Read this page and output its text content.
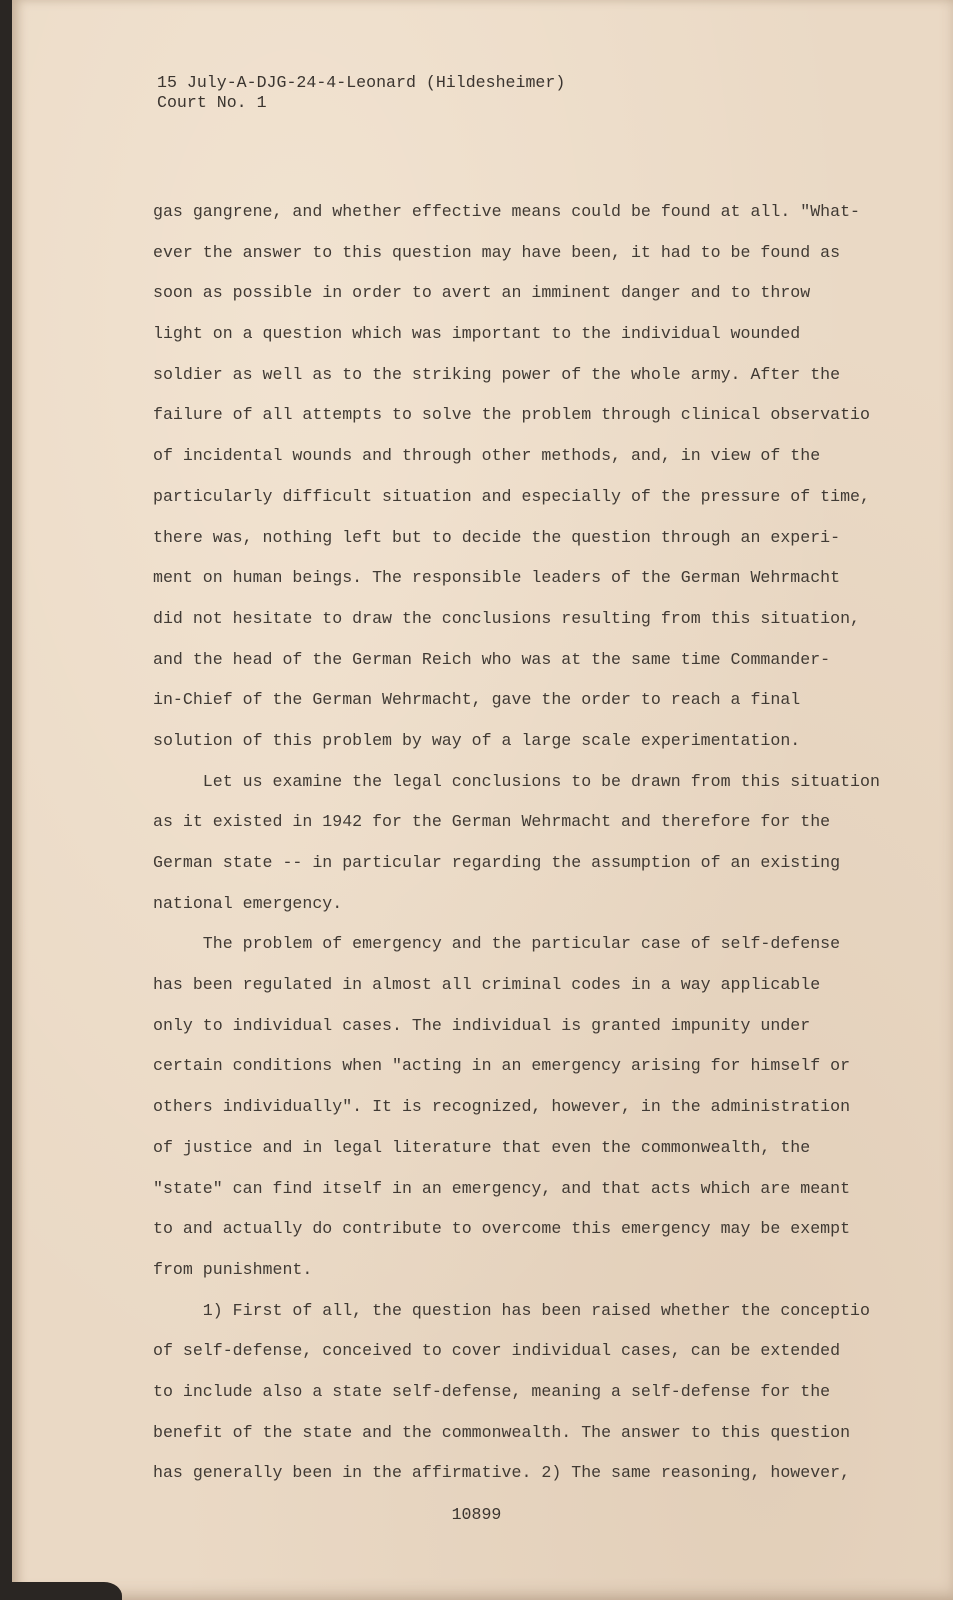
15 July-A-DJG-24-4-Leonard (Hildesheimer)
Court No. 1
gas gangrene, and whether effective means could be found at all. "What-
ever the answer to this question may have been, it had to be found as
soon as possible in order to avert an imminent danger and to throw
light on a question which was important to the individual wounded
soldier as well as to the striking power of the whole army. After the
failure of all attempts to solve the problem through clinical observatio
of incidental wounds and through other methods, and, in view of the
particularly difficult situation and especially of the pressure of time,
there was, nothing left but to decide the question through an experi-
ment on human beings. The responsible leaders of the German Wehrmacht
did not hesitate to draw the conclusions resulting from this situation,
and the head of the German Reich who was at the same time Commander-
in-Chief of the German Wehrmacht, gave the order to reach a final
solution of this problem by way of a large scale experimentation.
Let us examine the legal conclusions to be drawn from this situation
as it existed in 1942 for the German Wehrmacht and therefore for the
German state -- in particular regarding the assumption of an existing
national emergency.
The problem of emergency and the particular case of self-defense
has been regulated in almost all criminal codes in a way applicable
only to individual cases. The individual is granted impunity under
certain conditions when "acting in an emergency arising for himself or
others individually". It is recognized, however, in the administration
of justice and in legal literature that even the commonwealth, the
"state" can find itself in an emergency, and that acts which are meant
to and actually do contribute to overcome this emergency may be exempt
from punishment.
1) First of all, the question has been raised whether the conceptio
of self-defense, conceived to cover individual cases, can be extended
to include also a state self-defense, meaning a self-defense for the
benefit of the state and the commonwealth. The answer to this question
has generally been in the affirmative. 2) The same reasoning, however,
10899
